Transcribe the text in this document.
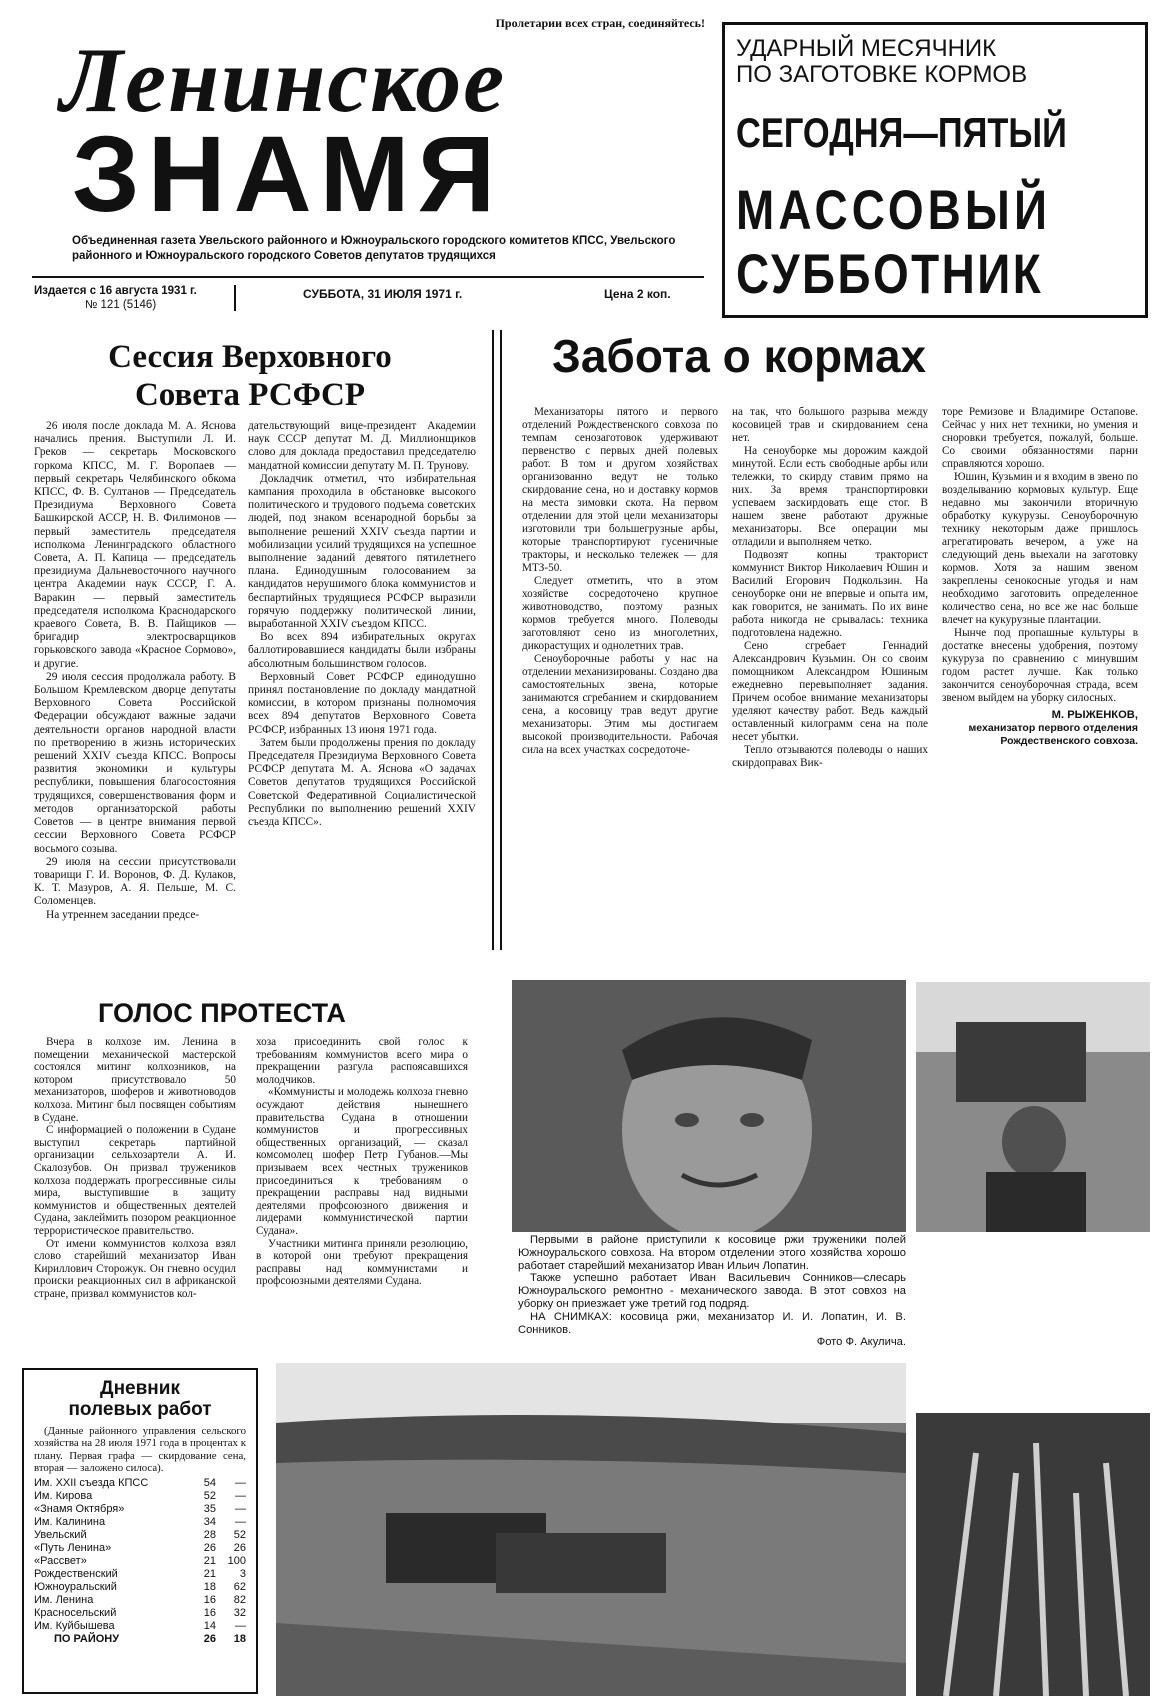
Пролетарии всех стран, соединяйтесь!
Ленинское
ЗНАМЯ
Объединенная газета Увельского районного и Южноуральского городского комитетов КПСС, Увельского районного и Южноуральского городского Советов депутатов трудящихся
Издается с 16 августа 1931 г.
№ 121 (5146)
СУББОТА, 31 ИЮЛЯ 1971 г.	Цена 2 коп.
УДАРНЫЙ МЕСЯЧНИК
ПО ЗАГОТОВКЕ КОРМОВ
СЕГОДНЯ—ПЯТЫЙ
МАССОВЫЙ
СУББОТНИК
Сессия Верховного Совета РСФСР

26 июля после доклада М. А. Яснова начались прения. Выступили Л. И. Греков — секретарь Московского горкома КПСС, М. Г. Воропаев — первый секретарь Челябинского обкома КПСС, Ф. В. Султанов — Председатель Президиума Верховного Совета Башкирской АССР, Н. В. Филимонов — первый заместитель председателя исполкома Ленинградского областного Совета, А. П. Капица — председатель президиума Дальневосточного научного центра Академии наук СССР, Г. А. Варакин — первый заместитель председателя исполкома Краснодарского краевого Совета, В. В. Пайщиков — бригадир электросварщиков горьковского завода «Красное Сормово», и другие.

29 июля сессия продолжала работу. В Большом Кремлевском дворце депутаты Верховного Совета Российской Федерации обсуждают важные задачи деятельности органов народной власти по претворению в жизнь исторических решений XXIV съезда КПСС. Вопросы развития экономики и культуры республики, повышения благосостояния трудящихся, совершенствования форм и методов организаторской работы Советов — в центре внимания первой сессии Верховного Совета РСФСР восьмого созыва.

29 июля на сессии присутствовали товарищи Г. И. Воронов, Ф. Д. Кулаков, К. Т. Мазуров, А. Я. Пельше, М. С. Соломенцев.

На утреннем заседании предсе-

дательствующий вице-президент Академии наук СССР депутат М. Д. Миллионщиков слово для доклада предоставил председателю мандатной комиссии депутату М. П. Трунову.

Докладчик отметил, что избирательная кампания проходила в обстановке высокого политического и трудового подъема советских людей, под знаком всенародной борьбы за выполнение решений XXIV съезда партии и мобилизации усилий трудящихся на успешное выполнение заданий девятого пятилетнего плана. Единодушным голосованием за кандидатов нерушимого блока коммунистов и беспартийных трудящиеся РСФСР выразили горячую поддержку политической линии, выработанной XXIV съездом КПСС.

Во всех 894 избирательных округах баллотировавшиеся кандидаты были избраны абсолютным большинством голосов.

Верховный Совет РСФСР единодушно принял постановление по докладу мандатной комиссии, в котором признаны полномочия всех 894 депутатов Верховного Совета РСФСР, избранных 13 июня 1971 года.

Затем были продолжены прения по докладу Председателя Президиума Верховного Совета РСФСР депутата М. А. Яснова «О задачах Советов депутатов трудящихся Российской Советской Федеративной Социалистической Республики по выполнению решений XXIV съезда КПСС».

ГОЛОС ПРОТЕСТА

Вчера в колхозе им. Ленина в помещении механической мастерской состоялся митинг колхозников, на котором присутствовало 50 механизаторов, шоферов и животноводов колхоза. Митинг был посвящен событиям в Судане.

С информацией о положении в Судане выступил секретарь партийной организации сельхозартели А. И. Скалозубов. Он призвал тружеников колхоза поддержать прогрессивные силы мира, выступившие в защиту коммунистов и общественных деятелей Судана, заклеймить позором реакционное террористическое правительство.

От имени коммунистов колхоза взял слово старейший механизатор Иван Кириллович Сторожук. Он гневно осудил происки реакционных сил в африканской стране, призвал коммунистов кол-

хоза присоединить свой голос к требованиям коммунистов всего мира о прекращении разгула распоясавшихся молодчиков.

«Коммунисты и молодежь колхоза гневно осуждают действия нынешнего правительства Судана в отношении коммунистов и прогрессивных общественных организаций, — сказал комсомолец шофер Петр Губанов.—Мы призываем всех честных тружеников присоединиться к требованиям о прекращении расправы над видными деятелями профсоюзного движения и лидерами коммунистической партии Судана».

Участники митинга приняли резолюцию, в которой они требуют прекращения расправы над коммунистами и профсоюзными деятелями Судана.

Забота о кормах

Механизаторы пятого и первого отделений Рождественского совхоза по темпам сенозаготовок удерживают первенство с первых дней полевых работ. В том и другом хозяйствах организованно ведут не только скирдование сена, но и доставку кормов на места зимовки скота. На первом отделении для этой цели механизаторы изготовили три большегрузные арбы, которые транспортируют гусеничные тракторы, и несколько тележек — для МТЗ-50.

Следует отметить, что в этом хозяйстве сосредоточено крупное животноводство, поэтому разных кормов требуется много. Полеводы заготовляют сено из многолетних, дикорастущих и однолетних трав.

Сеноуборочные работы у нас на отделении механизированы. Создано два самостоятельных звена, которые занимаются сгребанием и скирдованием сена, а косовицу трав ведут другие механизаторы. Этим мы достигаем высокой производительности. Рабочая сила на всех участках сосредоточе-

на так, что большого разрыва между косовицей трав и скирдованием сена нет.

На сеноуборке мы дорожим каждой минутой. Если есть свободные арбы или тележки, то скирду ставим прямо на них. За время транспортировки успеваем заскирдовать еще стог. В нашем звене работают дружные механизаторы. Все операции мы отладили и выполняем четко.

Подвозят копны тракторист коммунист Виктор Николаевич Юшин и Василий Егорович Подкользин. На сеноуборке они не впервые и опыта им, как говорится, не занимать. По их вине работа никогда не срывалась: техника подготовлена надежно.

Сено сгребает Геннадий Александрович Кузьмин. Он со своим помощником Александром Юшиным ежедневно перевыполняет задания. Причем особое внимание механизаторы уделяют качеству работ. Ведь каждый оставленный килограмм сена на поле несет убытки.

Тепло отзываются полеводы о наших скирдоправах Вик-

торе Ремизове и Владимире Остапове. Сейчас у них нет техники, но умения и сноровки требуется, пожалуй, больше. Со своими обязанностями парни справляются хорошо.

Юшин, Кузьмин и я входим в звено по возделыванию кормовых культур. Еще недавно мы закончили вторичную обработку кукурузы. Сеноуборочную технику некоторым даже пришлось агрегатировать вечером, а уже на следующий день выехали на заготовку кормов. Хотя за нашим звеном закреплены сенокосные угодья и нам необходимо заготовить определенное количество сена, но все же нас больше влечет на кукурузные плантации.

Нынче под пропашные культуры в достатке внесены удобрения, поэтому кукуруза по сравнению с минувшим годом растет лучше. Как только закончится сеноуборочная страда, всем звеном выйдем на уборку силосных.

М. РЫЖЕНКОВ,
механизатор первого отделения Рождественского совхоза.

Первыми в районе приступили к косовице ржи труженики полей Южноуральского совхоза. На втором отделении этого хозяйства хорошо работает старейший механизатор Иван Ильич Лопатин.

Также успешно работает Иван Васильевич Сонников—слесарь Южноуральского ремонтно - механического завода. В этот совхоз на уборку он приезжает уже третий год подряд.

НА СНИМКАХ: косовица ржи, механизатор И. И. Лопатин, И. В. Сонников.

Фото Ф. Акулича.
Дневник
полевых работ
(Данные районного управления сельского хозяйства на 28 июля 1971 года в процентах к плану. Первая графа — скирдование сена, вторая — заложено силоса).
Им. XXII съезда КПСС	54	—
Им. Кирова	52	—
«Знамя Октября»	35	—
Им. Калинина	34	—
Увельский	28	52
«Путь Ленина»	26	26
«Рассвет»	21	100
Рождественский	21	3
Южноуральский	18	62
Им. Ленина	16	82
Красносельский	16	32
Им. Куйбышева	14	—
ПО РАЙОНУ	26	18
